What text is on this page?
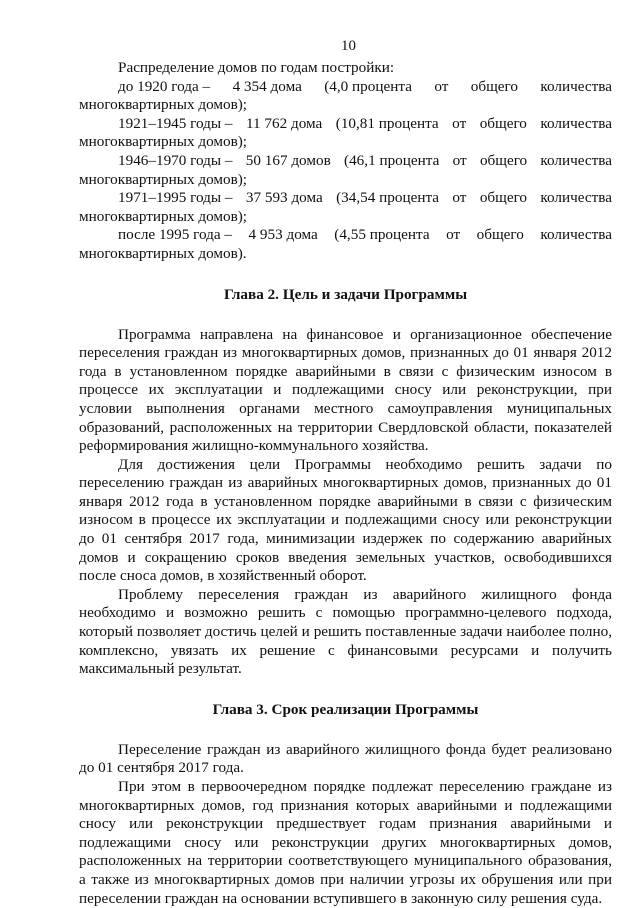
10

Распределение домов по годам постройки:

до 1920 года – 4 354 дома (4,0 процента от общего количества

многоквартирных домов);

1921–1945 годы – 11 762 дома (10,81 процента от общего количества

многоквартирных домов);

1946–1970 годы – 50 167 домов (46,1 процента от общего количества

многоквартирных домов);

1971–1995 годы – 37 593 дома (34,54 процента от общего количества

многоквартирных домов);

после 1995 года – 4 953 дома (4,55 процента от общего количества

многоквартирных домов).

Глава 2. Цель и задачи Программы

Программа направлена на финансовое и организационное обеспечение переселения граждан из многоквартирных домов, признанных до 01 января 2012 года в установленном порядке аварийными в связи с физическим износом в процессе их эксплуатации и подлежащими сносу или реконструкции, при условии выполнения органами местного самоуправления муниципальных образований, расположенных на территории Свердловской области, показателей реформирования жилищно-коммунального хозяйства.

Для достижения цели Программы необходимо решить задачи по переселению граждан из аварийных многоквартирных домов, признанных до 01 января 2012 года в установленном порядке аварийными в связи с физическим износом в процессе их эксплуатации и подлежащими сносу или реконструкции до 01 сентября 2017 года, минимизации издержек по содержанию аварийных домов и сокращению сроков введения земельных участков, освободившихся после сноса домов, в хозяйственный оборот.

Проблему переселения граждан из аварийного жилищного фонда необходимо и возможно решить с помощью программно-целевого подхода, который позволяет достичь целей и решить поставленные задачи наиболее полно, комплексно, увязать их решение с финансовыми ресурсами и получить максимальный результат.

Глава 3. Срок реализации Программы

Переселение граждан из аварийного жилищного фонда будет реализовано до 01 сентября 2017 года.

При этом в первоочередном порядке подлежат переселению граждане из многоквартирных домов, год признания которых аварийными и подлежащими сносу или реконструкции предшествует годам признания аварийными и подлежащими сносу или реконструкции других многоквартирных домов, расположенных на территории соответствующего муниципального образования, а также из многоквартирных домов при наличии угрозы их обрушения или при переселении граждан на основании вступившего в законную силу решения суда.
